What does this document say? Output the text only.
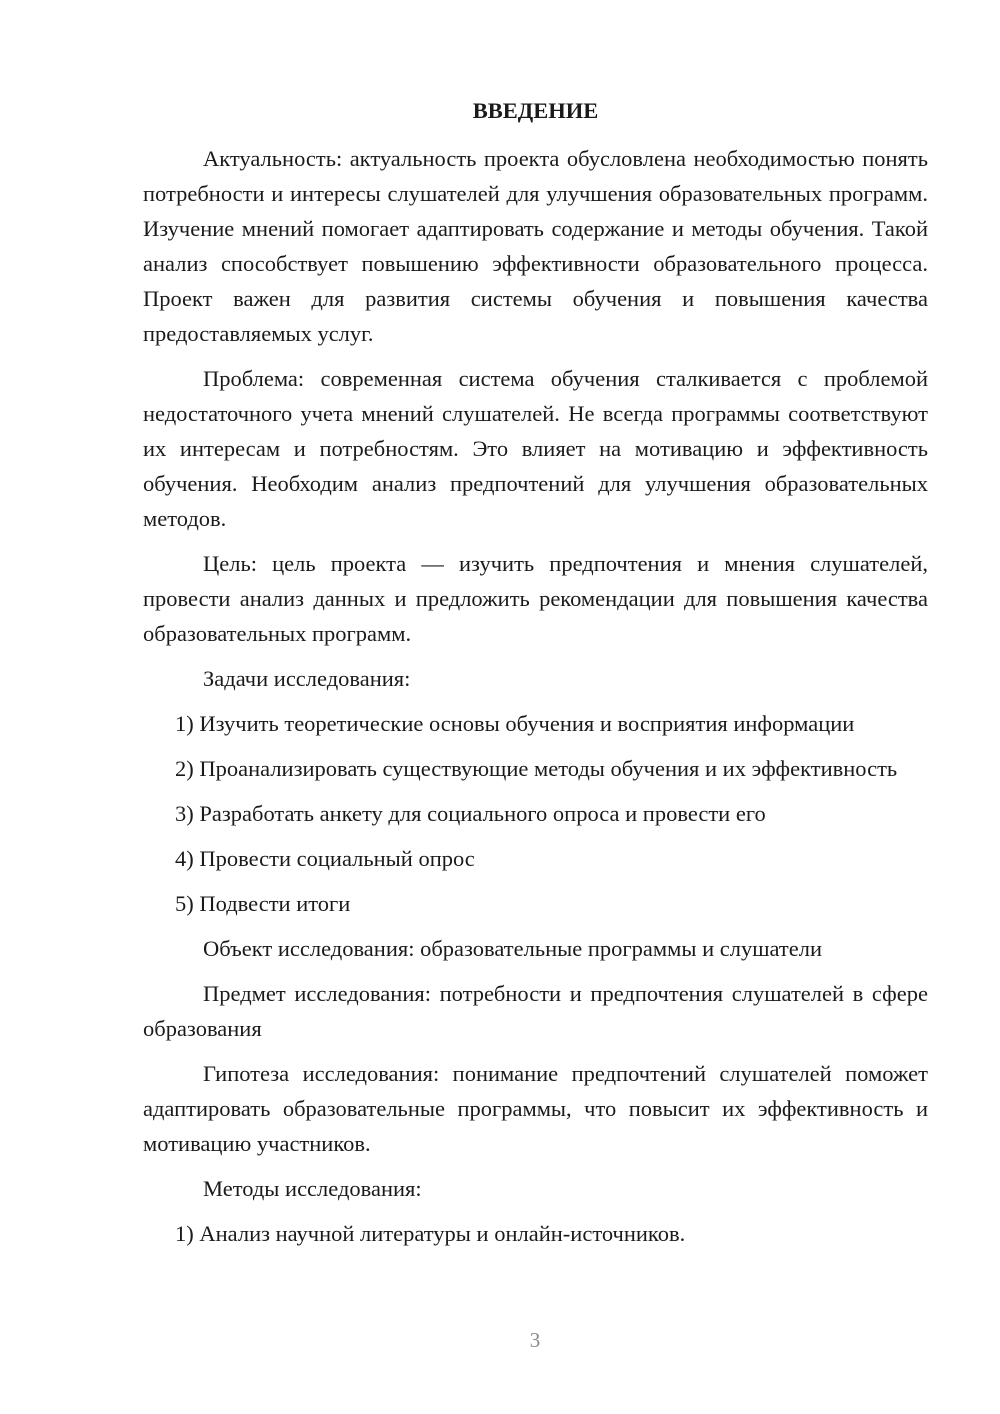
ВВЕДЕНИЕ

Актуальность: актуальность проекта обусловлена необходимостью понять потребности и интересы слушателей для улучшения образовательных программ. Изучение мнений помогает адаптировать содержание и методы обучения. Такой анализ способствует повышению эффективности образовательного процесса. Проект важен для развития системы обучения и повышения качества предоставляемых услуг.

Проблема: современная система обучения сталкивается с проблемой недостаточного учета мнений слушателей. Не всегда программы соответствуют их интересам и потребностям. Это влияет на мотивацию и эффективность обучения. Необходим анализ предпочтений для улучшения образовательных методов.

Цель: цель проекта — изучить предпочтения и мнения слушателей, провести анализ данных и предложить рекомендации для повышения качества образовательных программ.

Задачи исследования:

1) Изучить теоретические основы обучения и восприятия информации

2) Проанализировать существующие методы обучения и их эффективность

3) Разработать анкету для социального опроса и провести его

4) Провести социальный опрос

5) Подвести итоги

Объект исследования: образовательные программы и слушатели

Предмет исследования: потребности и предпочтения слушателей в сфере образования

Гипотеза исследования: понимание предпочтений слушателей поможет адаптировать образовательные программы, что повысит их эффективность и мотивацию участников.

Методы исследования:

1) Анализ научной литературы и онлайн-источников.

3
